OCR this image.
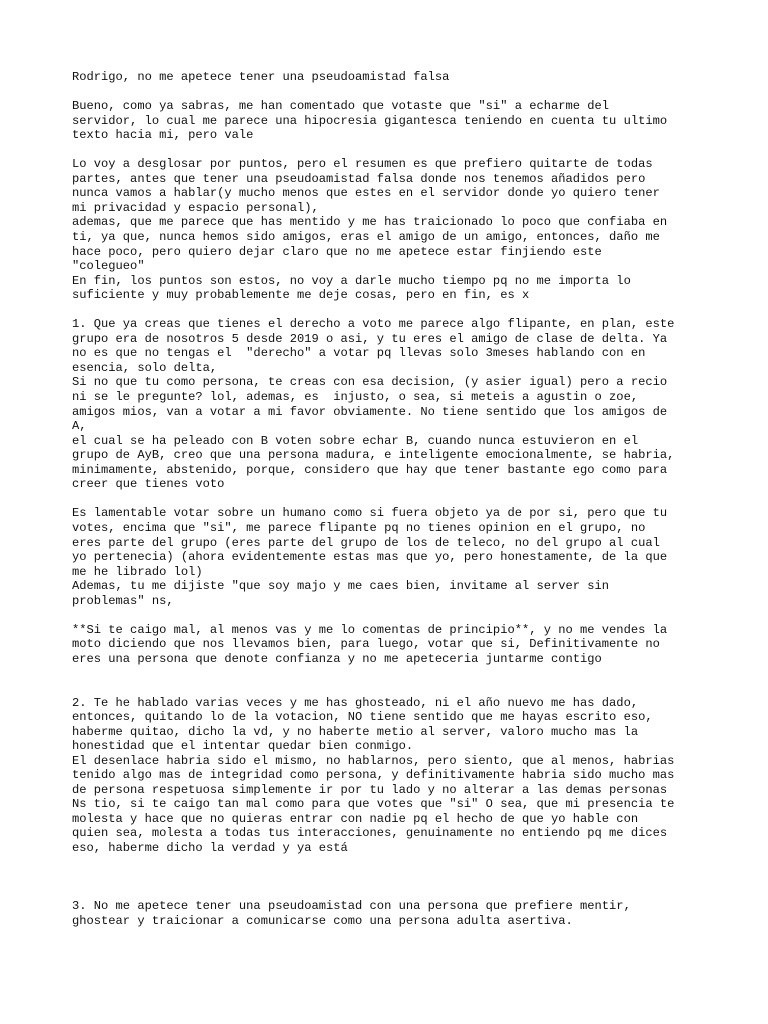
Rodrigo, no me apetece tener una pseudoamistad falsa
Bueno, como ya sabras, me han comentado que votaste que "si" a echarme del
servidor, lo cual me parece una hipocresia gigantesca teniendo en cuenta tu ultimo
texto hacia mi, pero vale
Lo voy a desglosar por puntos, pero el resumen es que prefiero quitarte de todas
partes, antes que tener una pseudoamistad falsa donde nos tenemos añadidos pero
nunca vamos a hablar(y mucho menos que estes en el servidor donde yo quiero tener
mi privacidad y espacio personal),
ademas, que me parece que has mentido y me has traicionado lo poco que confiaba en
ti, ya que, nunca hemos sido amigos, eras el amigo de un amigo, entonces, daño me
hace poco, pero quiero dejar claro que no me apetece estar finjiendo este
"colegueo"
En fin, los puntos son estos, no voy a darle mucho tiempo pq no me importa lo
suficiente y muy probablemente me deje cosas, pero en fin, es x
1. Que ya creas que tienes el derecho a voto me parece algo flipante, en plan, este
grupo era de nosotros 5 desde 2019 o asi, y tu eres el amigo de clase de delta. Ya
no es que no tengas el  "derecho" a votar pq llevas solo 3meses hablando con en
esencia, solo delta,
Si no que tu como persona, te creas con esa decision, (y asier igual) pero a recio
ni se le pregunte? lol, ademas, es  injusto, o sea, si meteis a agustin o zoe,
amigos mios, van a votar a mi favor obviamente. No tiene sentido que los amigos de
A,
el cual se ha peleado con B voten sobre echar B, cuando nunca estuvieron en el
grupo de AyB, creo que una persona madura, e inteligente emocionalmente, se habria,
minimamente, abstenido, porque, considero que hay que tener bastante ego como para
creer que tienes voto
Es lamentable votar sobre un humano como si fuera objeto ya de por si, pero que tu
votes, encima que "si", me parece flipante pq no tienes opinion en el grupo, no
eres parte del grupo (eres parte del grupo de los de teleco, no del grupo al cual
yo pertenecia) (ahora evidentemente estas mas que yo, pero honestamente, de la que
me he librado lol)
Ademas, tu me dijiste "que soy majo y me caes bien, invitame al server sin
problemas" ns,
**Si te caigo mal, al menos vas y me lo comentas de principio**, y no me vendes la
moto diciendo que nos llevamos bien, para luego, votar que si, Definitivamente no
eres una persona que denote confianza y no me apeteceria juntarme contigo
2. Te he hablado varias veces y me has ghosteado, ni el año nuevo me has dado,
entonces, quitando lo de la votacion, NO tiene sentido que me hayas escrito eso,
haberme quitao, dicho la vd, y no haberte metio al server, valoro mucho mas la
honestidad que el intentar quedar bien conmigo.
El desenlace habria sido el mismo, no hablarnos, pero siento, que al menos, habrias
tenido algo mas de integridad como persona, y definitivamente habria sido mucho mas
de persona respetuosa simplemente ir por tu lado y no alterar a las demas personas
Ns tio, si te caigo tan mal como para que votes que "si" O sea, que mi presencia te
molesta y hace que no quieras entrar con nadie pq el hecho de que yo hable con
quien sea, molesta a todas tus interacciones, genuinamente no entiendo pq me dices
eso, haberme dicho la verdad y ya está
3. No me apetece tener una pseudoamistad con una persona que prefiere mentir,
ghostear y traicionar a comunicarse como una persona adulta asertiva.
